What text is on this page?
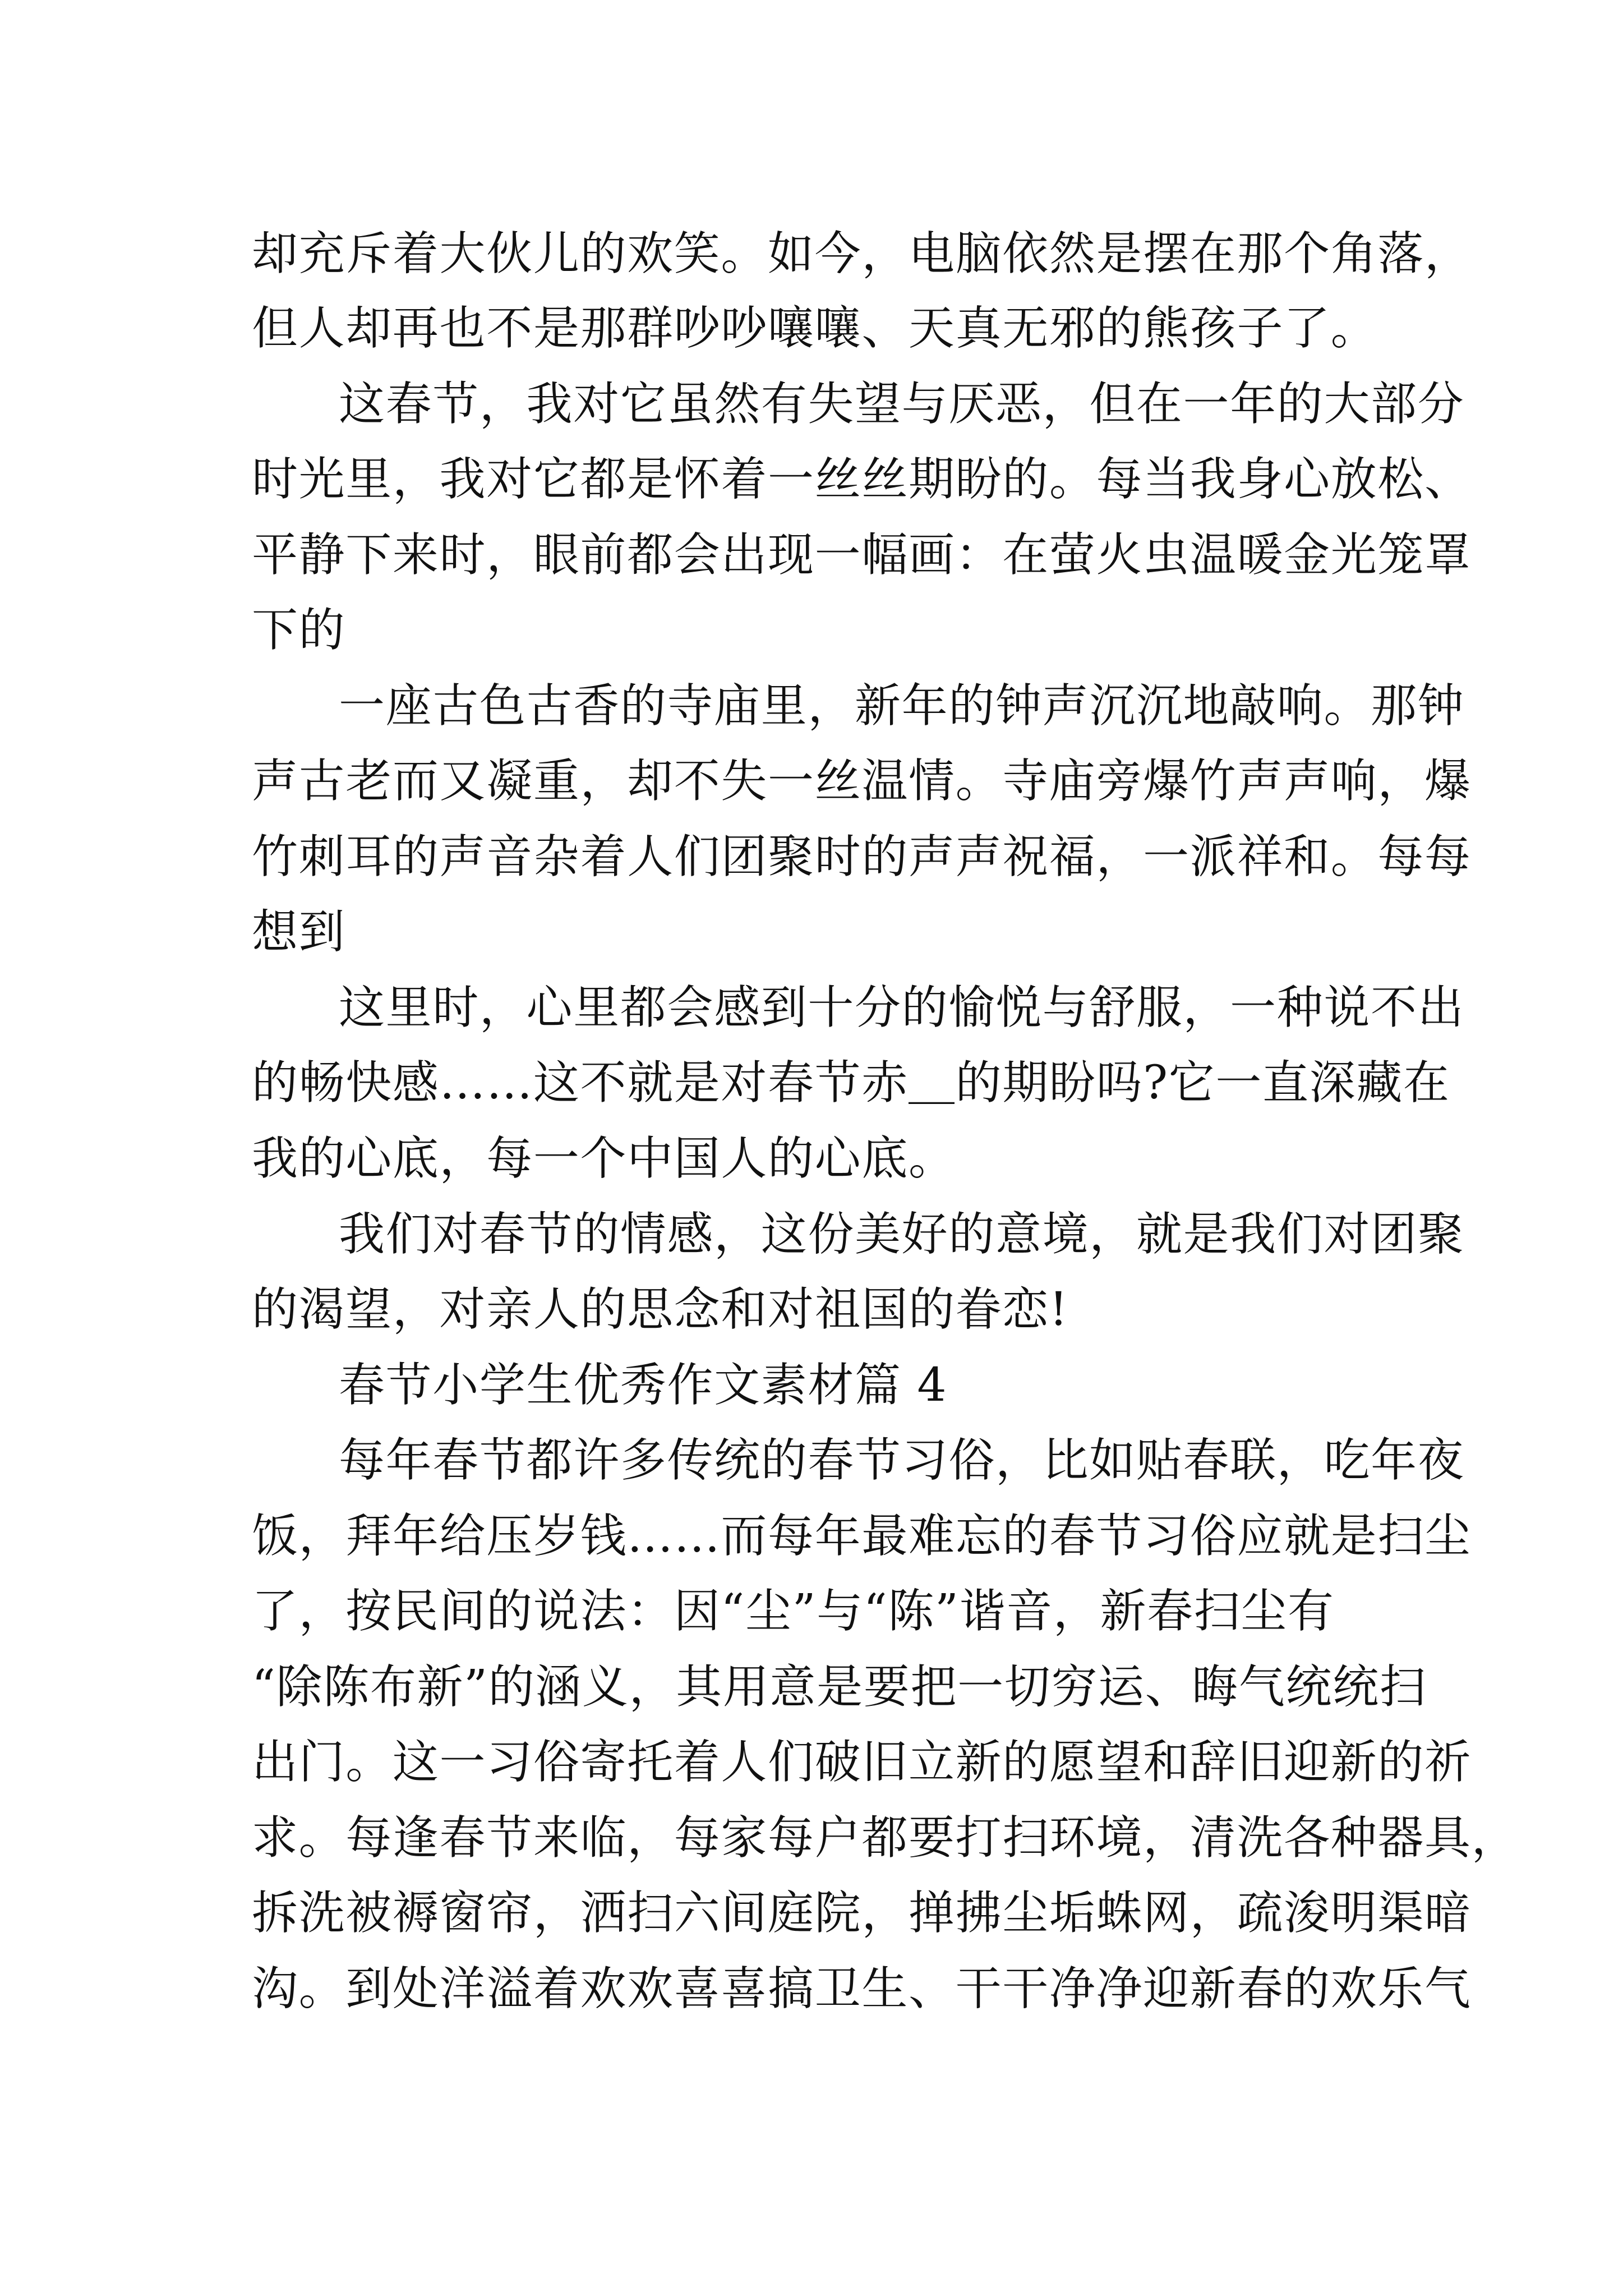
却充斥着大伙儿的欢笑。如今，电脑依然是摆在那个角落，
但人却再也不是那群吵吵嚷嚷、天真无邪的熊孩子了。
这春节，我对它虽然有失望与厌恶，但在一年的大部分
时光里，我对它都是怀着一丝丝期盼的。每当我身心放松、
平静下来时，眼前都会出现一幅画：在萤火虫温暖金光笼罩
下的
一座古色古香的寺庙里，新年的钟声沉沉地敲响。那钟
声古老而又凝重，却不失一丝温情。寺庙旁爆竹声声响，爆
竹刺耳的声音杂着人们团聚时的声声祝福，一派祥和。每每
想到
这里时，心里都会感到十分的愉悦与舒服，一种说不出
的畅快感……这不就是对春节赤＿的期盼吗?它一直深藏在
我的心底，每一个中国人的心底。
我们对春节的情感，这份美好的意境，就是我们对团聚
的渴望，对亲人的思念和对祖国的眷恋!
春节小学生优秀作文素材篇 4
每年春节都许多传统的春节习俗，比如贴春联，吃年夜
饭，拜年给压岁钱……而每年最难忘的春节习俗应就是扫尘
了，按民间的说法：因“尘”与“陈”谐音，新春扫尘有
“除陈布新”的涵义，其用意是要把一切穷运、晦气统统扫
出门。这一习俗寄托着人们破旧立新的愿望和辞旧迎新的祈
求。每逢春节来临，每家每户都要打扫环境，清洗各种器具，
拆洗被褥窗帘，洒扫六间庭院，掸拂尘垢蛛网，疏浚明渠暗
沟。到处洋溢着欢欢喜喜搞卫生、干干净净迎新春的欢乐气
